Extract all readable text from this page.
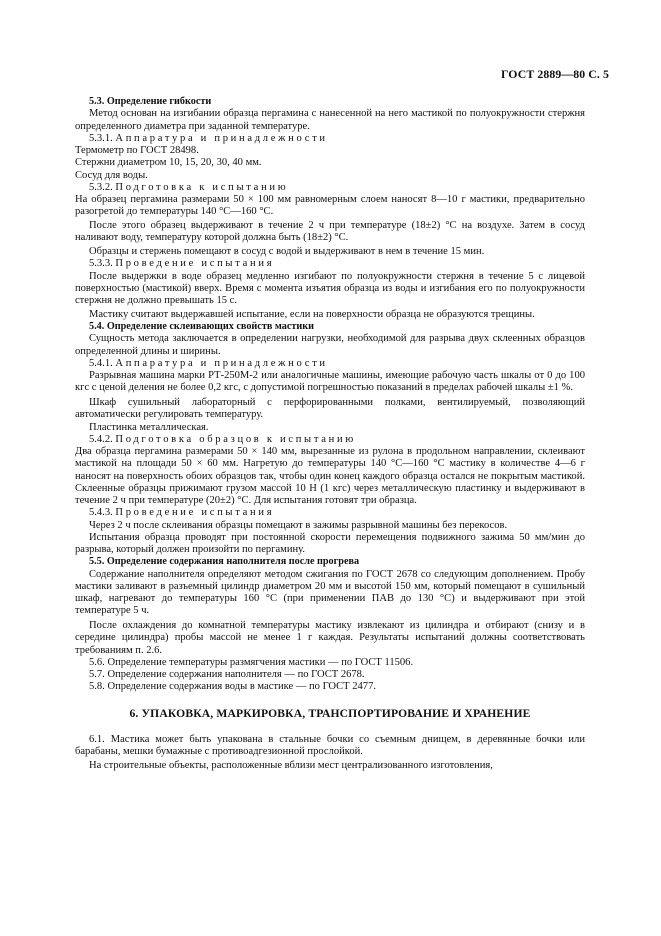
ГОСТ 2889—80 С. 5

5.3. Определение гибкости

Метод основан на изгибании образца пергамина с нанесенной на него мастикой по полуокружности стержня определенного диаметра при заданной температуре.

5.3.1. Аппаратура и принадлежности

Термометр по ГОСТ 28498.

Стержни диаметром 10, 15, 20, 30, 40 мм.

Сосуд для воды.

5.3.2. Подготовка к испытанию

На образец пергамина размерами 50 × 100 мм равномерным слоем наносят 8—10 г мастики, предварительно разогретой до температуры 140 °С—160 °С.

После этого образец выдерживают в течение 2 ч при температуре (18±2) °С на воздухе. Затем в сосуд наливают воду, температуру которой должна быть (18±2) °С.

Образцы и стержень помещают в сосуд с водой и выдерживают в нем в течение 15 мин.

5.3.3. Проведение испытания

После выдержки в воде образец медленно изгибают по полуокружности стержня в течение 5 с лицевой поверхностью (мастикой) вверх. Время с момента изъятия образца из воды и изгибания его по полуокружности стержня не должно превышать 15 с.

Мастику считают выдержавшей испытание, если на поверхности образца не образуются трещины.

5.4. Определение склеивающих свойств мастики

Сущность метода заключается в определении нагрузки, необходимой для разрыва двух склеенных образцов определенной длины и ширины.

5.4.1. Аппаратура и принадлежности

Разрывная машина марки РТ-250М-2 или аналогичные машины, имеющие рабочую часть шкалы от 0 до 100 кгс с ценой деления не более 0,2 кгс, с допустимой погрешностью показаний в пределах рабочей шкалы ±1 %.

Шкаф сушильный лабораторный с перфорированными полками, вентилируемый, позволяющий автоматически регулировать температуру.

Пластинка металлическая.

5.4.2. Подготовка образцов к испытанию

Два образца пергамина размерами 50 × 140 мм, вырезанные из рулона в продольном направлении, склеивают мастикой на площади 50 × 60 мм. Нагретую до температуры 140 °С—160 °С мастику в количестве 4—6 г наносят на поверхность обоих образцов так, чтобы один конец каждого образца остался не покрытым мастикой. Склеенные образцы прижимают грузом массой 10 Н (1 кгс) через металлическую пластинку и выдерживают в течение 2 ч при температуре (20±2) °С. Для испытания готовят три образца.

5.4.3. Проведение испытания

Через 2 ч после склеивания образцы помещают в зажимы разрывной машины без перекосов.

Испытания образца проводят при постоянной скорости перемещения подвижного зажима 50 мм/мин до разрыва, который должен произойти по пергамину.

5.5. Определение содержания наполнителя после прогрева

Содержание наполнителя определяют методом сжигания по ГОСТ 2678 со следующим дополнением. Пробу мастики заливают в разъемный цилиндр диаметром 20 мм и высотой 150 мм, который помещают в сушильный шкаф, нагревают до температуры 160 °С (при применении ПАВ до 130 °С) и выдерживают при этой температуре 5 ч.

После охлаждения до комнатной температуры мастику извлекают из цилиндра и отбирают (снизу и в середине цилиндра) пробы массой не менее 1 г каждая. Результаты испытаний должны соответствовать требованиям п. 2.6.

5.6. Определение температуры размягчения мастики — по ГОСТ 11506.

5.7. Определение содержания наполнителя — по ГОСТ 2678.

5.8. Определение содержания воды в мастике — по ГОСТ 2477.

6. УПАКОВКА, МАРКИРОВКА, ТРАНСПОРТИРОВАНИЕ И ХРАНЕНИЕ

6.1. Мастика может быть упакована в стальные бочки со съемным днищем, в деревянные бочки или барабаны, мешки бумажные с противоадгезионной прослойкой.

На строительные объекты, расположенные вблизи мест централизованного изготовления,
